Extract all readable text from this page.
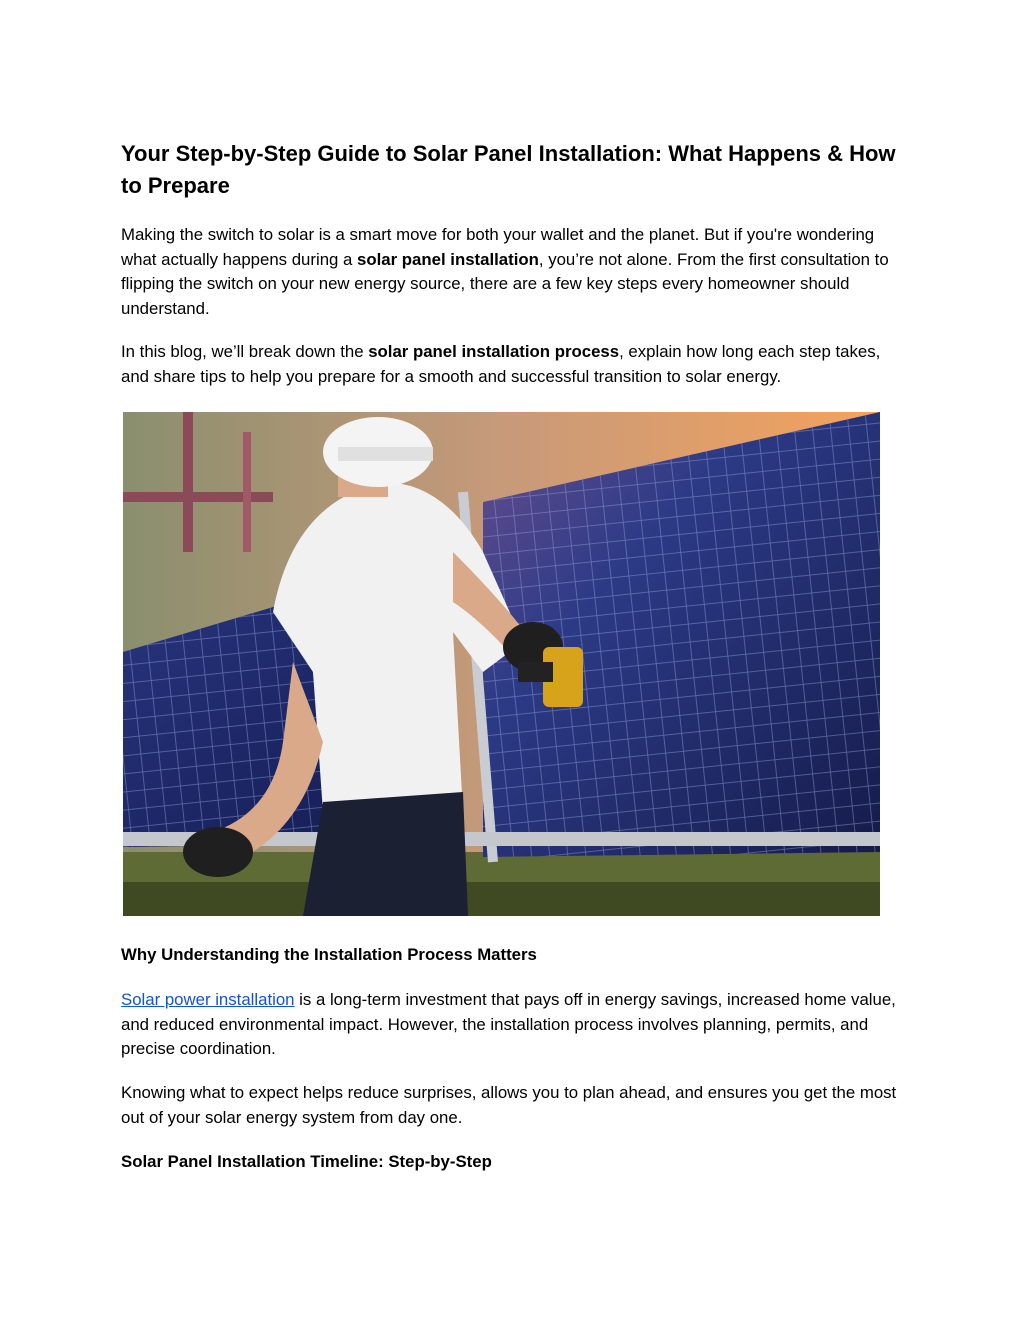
Your Step-by-Step Guide to Solar Panel Installation: What Happens & How to Prepare

Making the switch to solar is a smart move for both your wallet and the planet. But if you're wondering what actually happens during a solar panel installation, you’re not alone. From the first consultation to flipping the switch on your new energy source, there are a few key steps every homeowner should understand.

In this blog, we’ll break down the solar panel installation process, explain how long each step takes, and share tips to help you prepare for a smooth and successful transition to solar energy.

Why Understanding the Installation Process Matters

Solar power installation is a long-term investment that pays off in energy savings, increased home value, and reduced environmental impact. However, the installation process involves planning, permits, and precise coordination.

Knowing what to expect helps reduce surprises, allows you to plan ahead, and ensures you get the most out of your solar energy system from day one.

Solar Panel Installation Timeline: Step-by-Step
